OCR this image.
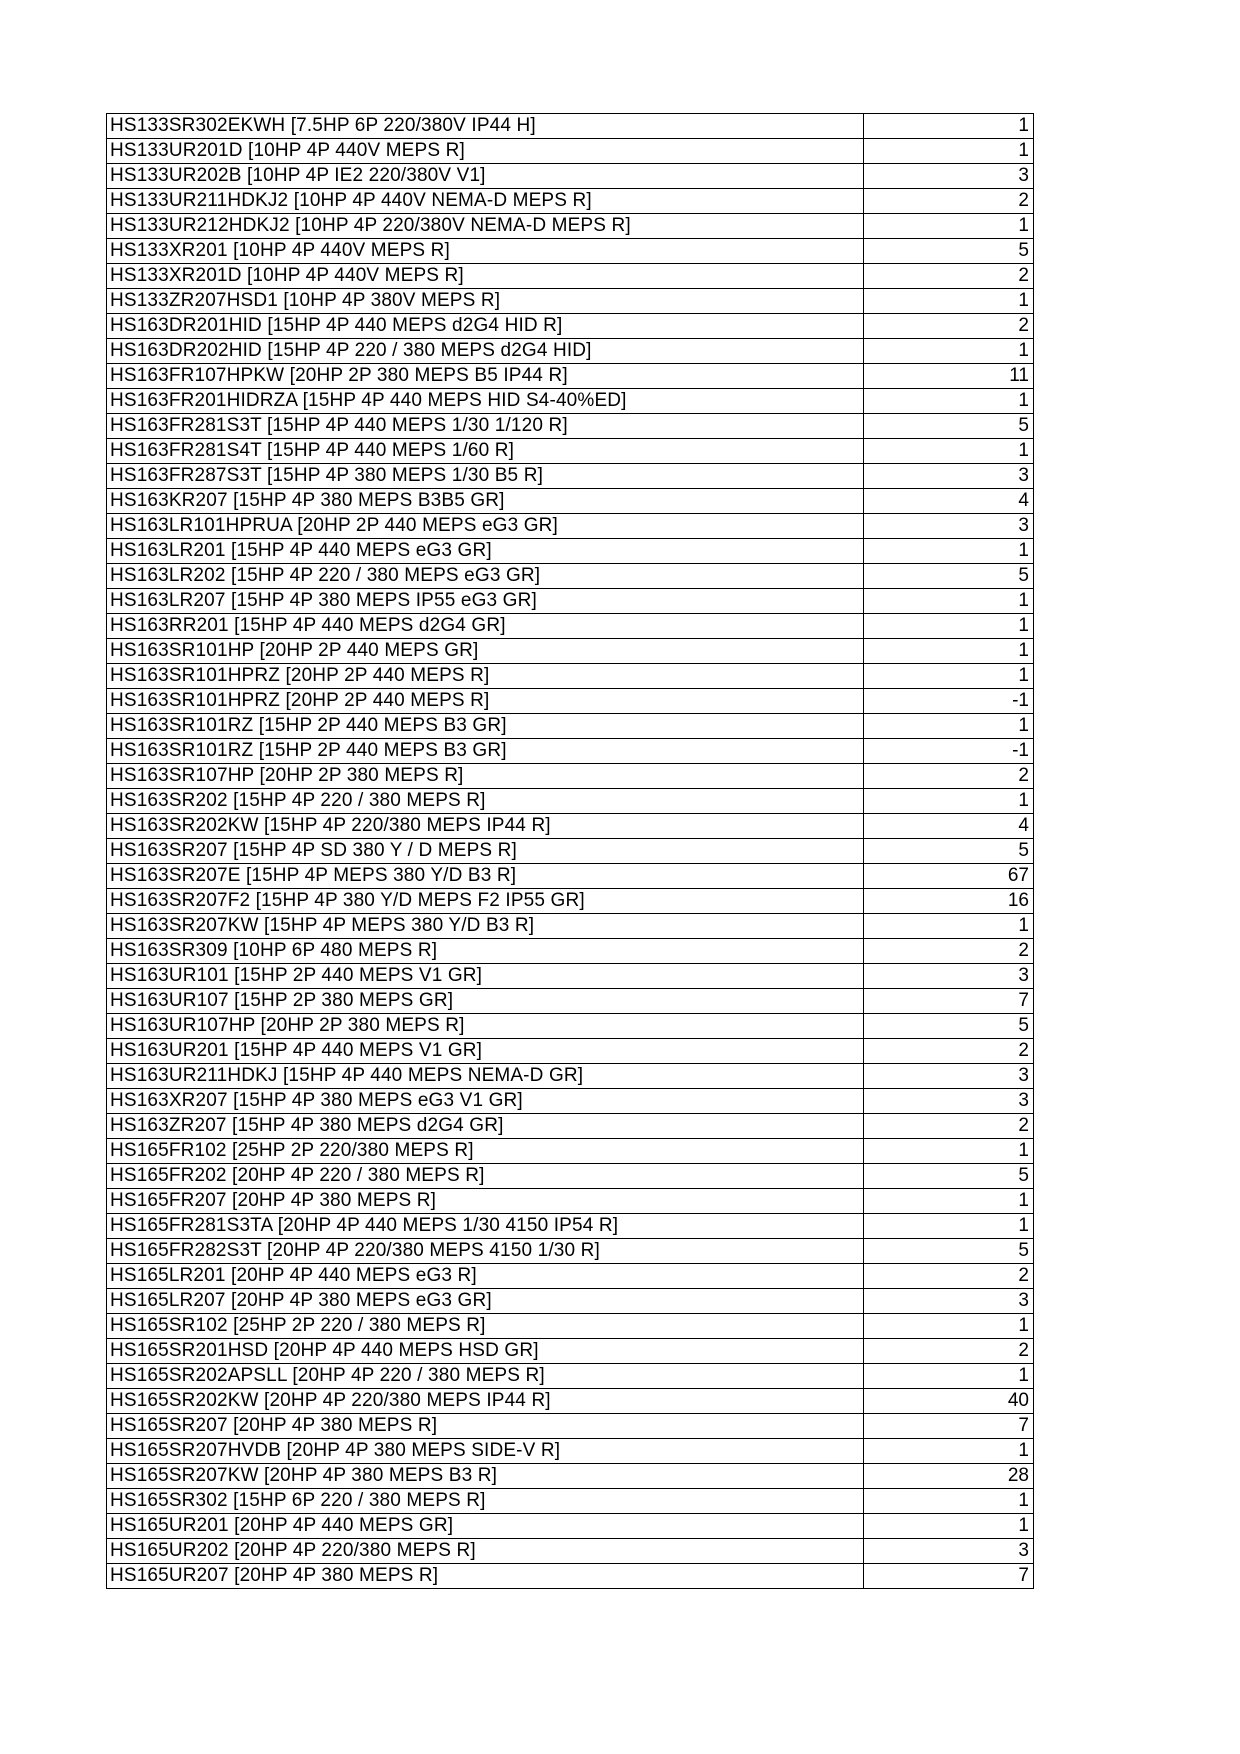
HS133SR302EKWH [7.5HP 6P 220/380V IP44 H]	1
HS133UR201D [10HP 4P 440V MEPS R]	1
HS133UR202B [10HP 4P IE2 220/380V V1]	3
HS133UR211HDKJ2 [10HP 4P 440V NEMA-D MEPS R]	2
HS133UR212HDKJ2 [10HP 4P 220/380V NEMA-D MEPS R]	1
HS133XR201 [10HP 4P 440V MEPS R]	5
HS133XR201D [10HP 4P 440V MEPS R]	2
HS133ZR207HSD1 [10HP 4P 380V MEPS R]	1
HS163DR201HID [15HP 4P 440 MEPS d2G4 HID R]	2
HS163DR202HID [15HP 4P 220 / 380 MEPS d2G4 HID]	1
HS163FR107HPKW [20HP 2P 380 MEPS B5 IP44 R]	11
HS163FR201HIDRZA [15HP 4P 440 MEPS HID S4-40%ED]	1
HS163FR281S3T [15HP 4P 440 MEPS 1/30 1/120 R]	5
HS163FR281S4T [15HP 4P 440 MEPS 1/60 R]	1
HS163FR287S3T [15HP 4P 380 MEPS 1/30 B5 R]	3
HS163KR207 [15HP 4P 380 MEPS B3B5 GR]	4
HS163LR101HPRUA [20HP 2P 440 MEPS eG3 GR]	3
HS163LR201 [15HP 4P 440 MEPS eG3 GR]	1
HS163LR202 [15HP 4P 220 / 380 MEPS eG3 GR]	5
HS163LR207 [15HP 4P 380 MEPS IP55 eG3 GR]	1
HS163RR201 [15HP 4P 440 MEPS d2G4 GR]	1
HS163SR101HP [20HP 2P 440 MEPS GR]	1
HS163SR101HPRZ [20HP 2P 440 MEPS R]	1
HS163SR101HPRZ [20HP 2P 440 MEPS R]	-1
HS163SR101RZ [15HP 2P 440 MEPS B3 GR]	1
HS163SR101RZ [15HP 2P 440 MEPS B3 GR]	-1
HS163SR107HP [20HP 2P 380 MEPS R]	2
HS163SR202 [15HP 4P 220 / 380 MEPS R]	1
HS163SR202KW [15HP 4P 220/380 MEPS IP44 R]	4
HS163SR207 [15HP 4P SD 380 Y / D MEPS R]	5
HS163SR207E [15HP 4P MEPS 380 Y/D B3 R]	67
HS163SR207F2 [15HP 4P 380 Y/D MEPS F2 IP55 GR]	16
HS163SR207KW [15HP 4P MEPS 380 Y/D B3 R]	1
HS163SR309 [10HP 6P 480 MEPS R]	2
HS163UR101 [15HP 2P 440 MEPS V1 GR]	3
HS163UR107 [15HP 2P 380 MEPS GR]	7
HS163UR107HP [20HP 2P 380 MEPS R]	5
HS163UR201 [15HP 4P 440 MEPS V1 GR]	2
HS163UR211HDKJ [15HP 4P 440 MEPS NEMA-D GR]	3
HS163XR207 [15HP 4P 380 MEPS eG3 V1 GR]	3
HS163ZR207 [15HP 4P 380 MEPS d2G4 GR]	2
HS165FR102 [25HP 2P 220/380 MEPS R]	1
HS165FR202 [20HP 4P 220 / 380 MEPS R]	5
HS165FR207 [20HP 4P 380 MEPS R]	1
HS165FR281S3TA [20HP 4P 440 MEPS 1/30 4150 IP54 R]	1
HS165FR282S3T [20HP 4P 220/380 MEPS 4150 1/30 R]	5
HS165LR201 [20HP 4P 440 MEPS eG3 R]	2
HS165LR207 [20HP 4P 380 MEPS eG3 GR]	3
HS165SR102 [25HP 2P 220 / 380 MEPS R]	1
HS165SR201HSD [20HP 4P 440 MEPS HSD GR]	2
HS165SR202APSLL [20HP 4P 220 / 380 MEPS R]	1
HS165SR202KW [20HP 4P 220/380 MEPS IP44 R]	40
HS165SR207 [20HP 4P 380 MEPS R]	7
HS165SR207HVDB [20HP 4P 380 MEPS SIDE-V R]	1
HS165SR207KW [20HP 4P 380 MEPS B3 R]	28
HS165SR302 [15HP 6P 220 / 380 MEPS R]	1
HS165UR201 [20HP 4P 440 MEPS GR]	1
HS165UR202 [20HP 4P 220/380 MEPS R]	3
HS165UR207 [20HP 4P 380 MEPS R]	7
